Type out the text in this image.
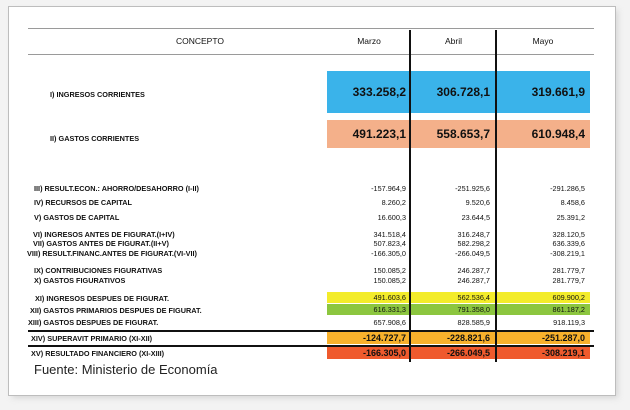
CONCEPTO	Marzo	Abril	Mayo
I) INGRESOS CORRIENTES	333.258,2	306.728,1	319.661,9
II) GASTOS CORRIENTES	491.223,1	558.653,7	610.948,4
III) RESULT.ECON.: AHORRO/DESAHORRO (I-II)	-157.964,9	-251.925,6	-291.286,5
IV) RECURSOS DE CAPITAL	8.260,2	9.520,6	8.458,6
V) GASTOS DE CAPITAL	16.600,3	23.644,5	25.391,2
VI) INGRESOS ANTES DE FIGURAT.(I+IV)	341.518,4	316.248,7	328.120,5
VII) GASTOS ANTES DE FIGURAT.(II+V)	507.823,4	582.298,2	636.339,6
VIII) RESULT.FINANC.ANTES DE FIGURAT.(VI-VII)	-166.305,0	-266.049,5	-308.219,1
IX) CONTRIBUCIONES FIGURATIVAS	150.085,2	246.287,7	281.779,7
X) GASTOS FIGURATIVOS	150.085,2	246.287,7	281.779,7
XI) INGRESOS DESPUES DE FIGURAT.	491.603,6	562.536,4	609.900,2
XII) GASTOS PRIMARIOS DESPUES DE FIGURAT.	616.331,3	791.358,0	861.187,2
XIII) GASTOS DESPUES DE FIGURAT.	657.908,6	828.585,9	918.119,3
XIV) SUPERAVIT PRIMARIO (XI-XII)	-124.727,7	-228.821,6	-251.287,0
XV) RESULTADO FINANCIERO (XI-XIII)	-166.305,0	-266.049,5	-308.219,1
Fuente: Ministerio de Economía
